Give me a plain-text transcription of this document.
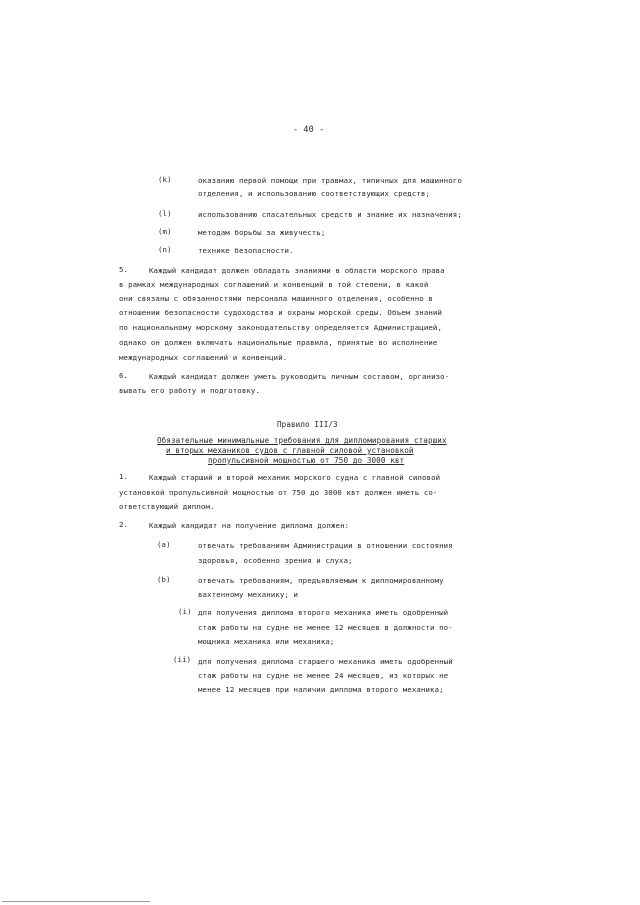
- 40 -
(k)	оказанию первой помощи при травмах, типичных для машинного
отделения, и использованию соответствующих средств;
(l)	использованию спасательных средств и знание их назначения;
(m)	методам борьбы за живучесть;
(n)	технике безопасности.
5.	Каждый кандидат должен обладать знаниями в области морского права
в рамках международных соглашений и конвенций в той степени, в какой
они связаны с обязанностями персонала машинного отделения, особенно в
отношении безопасности судоходства и охраны морской среды. Объем знаний
по национальному морскому законодательству определяется Администрацией,
однако он должен включать национальные правила, принятые во исполнение
международных соглашений и конвенций.
6.	Каждый кандидат должен уметь руководить личным составом, организо-
вывать его работу и подготовку.
Правило III/3
Обязательные минимальные требования для дипломирования старших
и вторых механиков судов с главной силовой установкой
пропульсивной мощностью от 750 до 3000 квт
1.	Каждый старший и второй механик морского судна с главной силовой
установкой пропульсивной мощностью от 750 до 3000 квт должен иметь со-
ответствующий диплом.
2.	Каждый кандидат на получение диплома должен:
(a)	отвечать требованиям Администрации в отношении состояния
здоровья, особенно зрения и слуха;
(b)	отвечать требованиям, предъявляемым к дипломированному
вахтенному механику; и
(i) для получения диплома второго механика иметь одобренный
стаж работы на судне не менее 12 месяцев в должности по-
мощника механика или механика;
(ii) для получения диплома старшего механика иметь одобренный
стаж работы на судне не менее 24 месяцев, из которых не
менее 12 месяцев при наличии диплома второго механика;
